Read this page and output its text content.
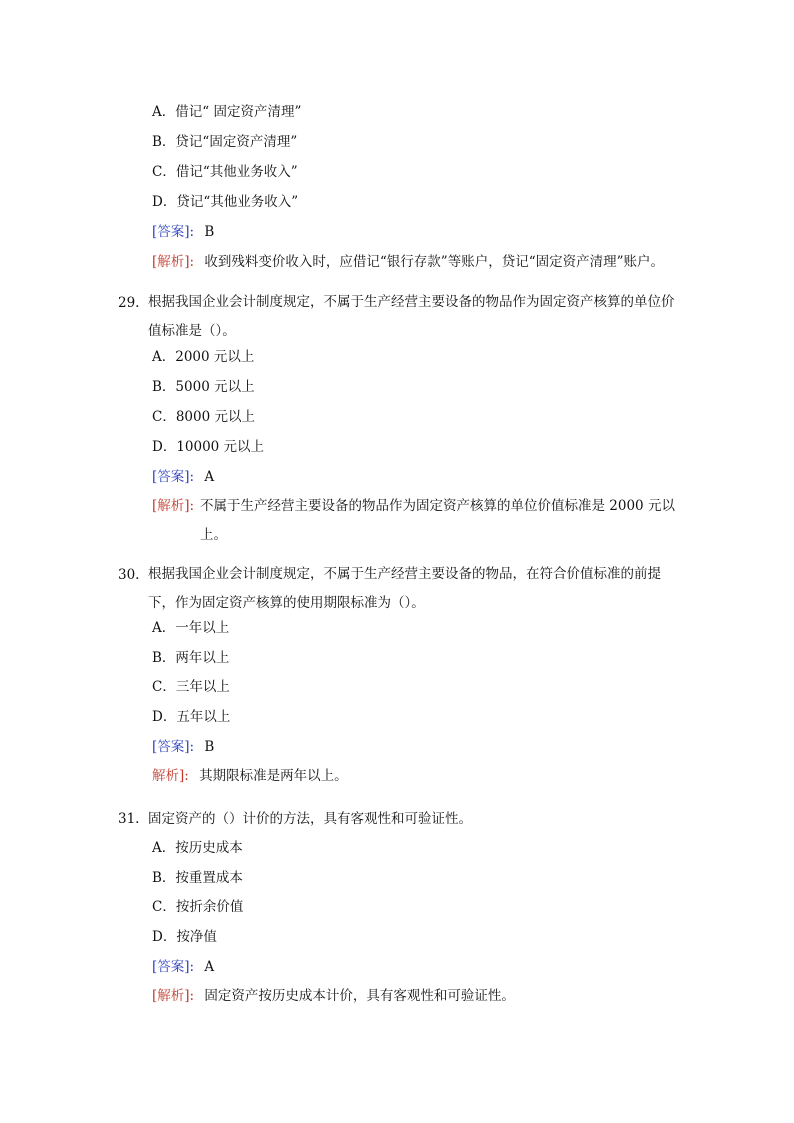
A．借记“ 固定资产清理”
B．贷记“固定资产清理”
C．借记“其他业务收入”
D．贷记“其他业务收入”
[答案]: B
[解析]: 收到残料变价收入时，应借记“银行存款”等账户，贷记“固定资产清理”账户。
29. 根据我国企业会计制度规定，不属于生产经营主要设备的物品作为固定资产核算的单位价值标准是（）。
A．2000 元以上
B．5000 元以上
C．8000 元以上
D．10000 元以上
[答案]: A
[解析]: 不属于生产经营主要设备的物品作为固定资产核算的单位价值标准是 2000 元以上。
30. 根据我国企业会计制度规定，不属于生产经营主要设备的物品，在符合价值标准的前提下，作为固定资产核算的使用期限标准为（）。
A．一年以上
B．两年以上
C．三年以上
D．五年以上
[答案]: B
解析]: 其期限标准是两年以上。
31. 固定资产的（）计价的方法，具有客观性和可验证性。
A．按历史成本
B．按重置成本
C．按折余价值
D．按净值
[答案]: A
[解析]: 固定资产按历史成本计价，具有客观性和可验证性。
